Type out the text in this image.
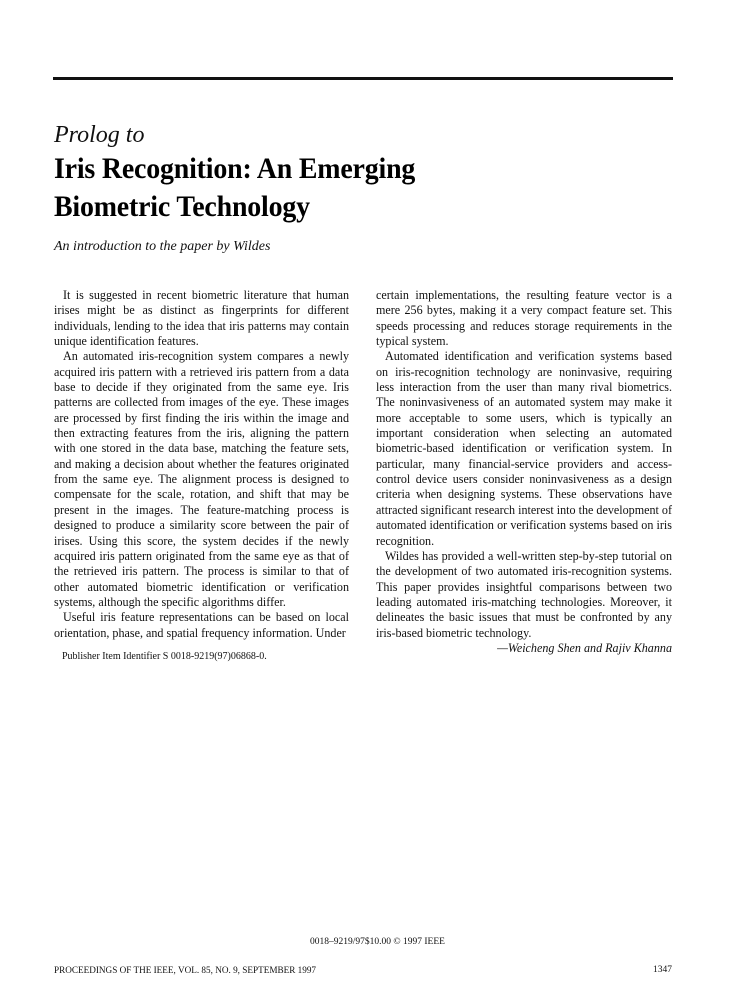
Prolog to
Iris Recognition: An Emerging
Biometric Technology
An introduction to the paper by Wildes

It is suggested in recent biometric literature that human irises might be as distinct as fingerprints for different individuals, lending to the idea that iris patterns may contain unique identification features.

An automated iris-recognition system compares a newly acquired iris pattern with a retrieved iris pattern from a data base to decide if they originated from the same eye. Iris patterns are collected from images of the eye. These images are processed by first finding the iris within the image and then extracting features from the iris, aligning the pattern with one stored in the data base, matching the feature sets, and making a decision about whether the features originated from the same eye. The alignment process is designed to compensate for the scale, rotation, and shift that may be present in the images. The feature-matching process is designed to produce a similarity score between the pair of irises. Using this score, the system decides if the newly acquired iris pattern originated from the same eye as that of the retrieved iris pattern. The process is similar to that of other automated biometric identification or verification systems, although the specific algorithms differ.

Useful iris feature representations can be based on local orientation, phase, and spatial frequency information. Under

Publisher Item Identifier S 0018-9219(97)06868-0.

certain implementations, the resulting feature vector is a mere 256 bytes, making it a very compact feature set. This speeds processing and reduces storage requirements in the typical system.

Automated identification and verification systems based on iris-recognition technology are noninvasive, requiring less interaction from the user than many rival biometrics. The noninvasiveness of an automated system may make it more acceptable to some users, which is typically an important consideration when selecting an automated biometric-based identification or verification system. In particular, many financial-service providers and access-control device users consider noninvasiveness as a design criteria when designing systems. These observations have attracted significant research interest into the development of automated identification or verification systems based on iris recognition.

Wildes has provided a well-written step-by-step tutorial on the development of two automated iris-recognition systems. This paper provides insightful comparisons between two leading automated iris-matching technologies. Moreover, it delineates the basic issues that must be confronted by any iris-based biometric technology.

—Weicheng Shen and Rajiv Khanna

0018–9219/97$10.00 © 1997 IEEE
PROCEEDINGS OF THE IEEE, VOL. 85, NO. 9, SEPTEMBER 1997	1347
